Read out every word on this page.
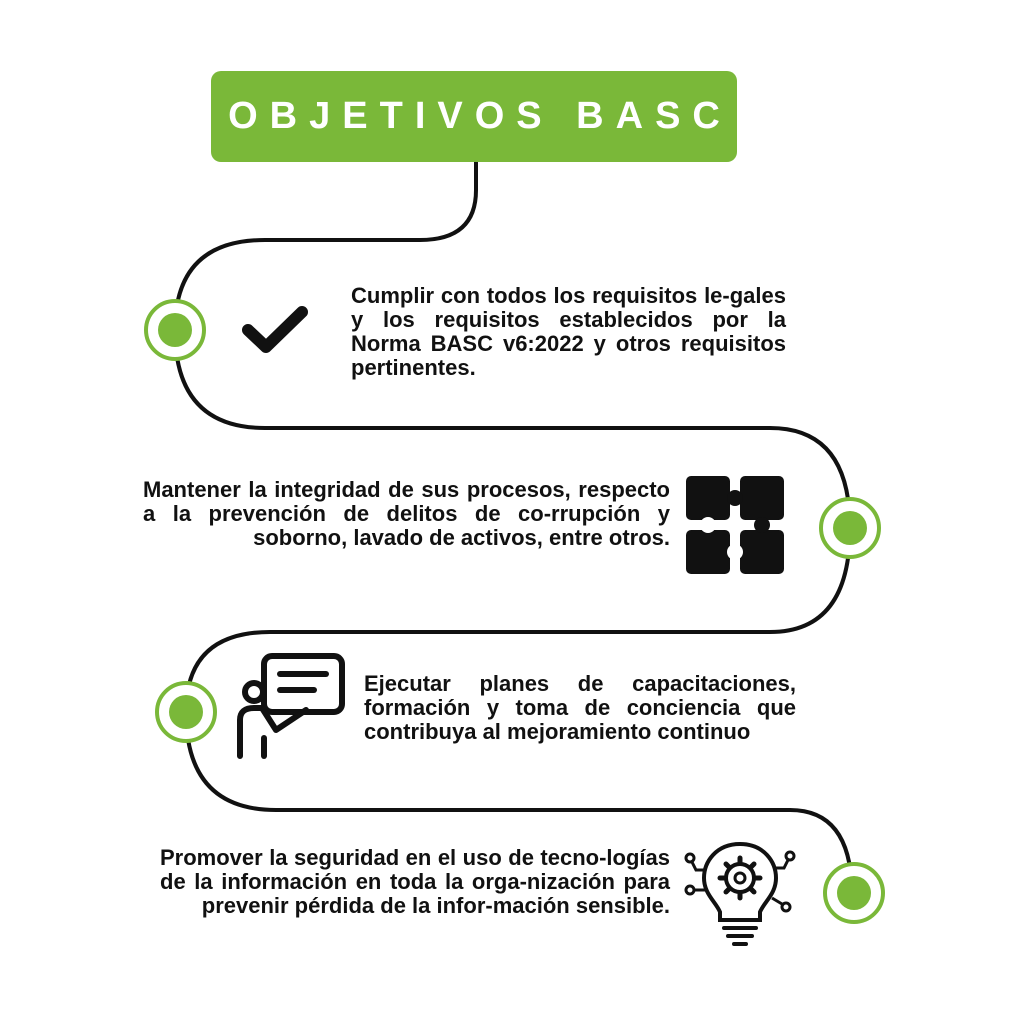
OBJETIVOS BASC

Cumplir con todos los requisitos le-gales y los requisitos establecidos por la Norma BASC v6:2022 y otros requisitos pertinentes.

Mantener la integridad de sus procesos, respecto a la prevención de delitos de co-rrupción y soborno, lavado de activos, entre otros.

Ejecutar planes de capacitaciones, formación y toma de conciencia que contribuya al mejoramiento continuo

Promover la seguridad en el uso de tecno-logías de la información en toda la orga-nización para prevenir pérdida de la infor-mación sensible.
